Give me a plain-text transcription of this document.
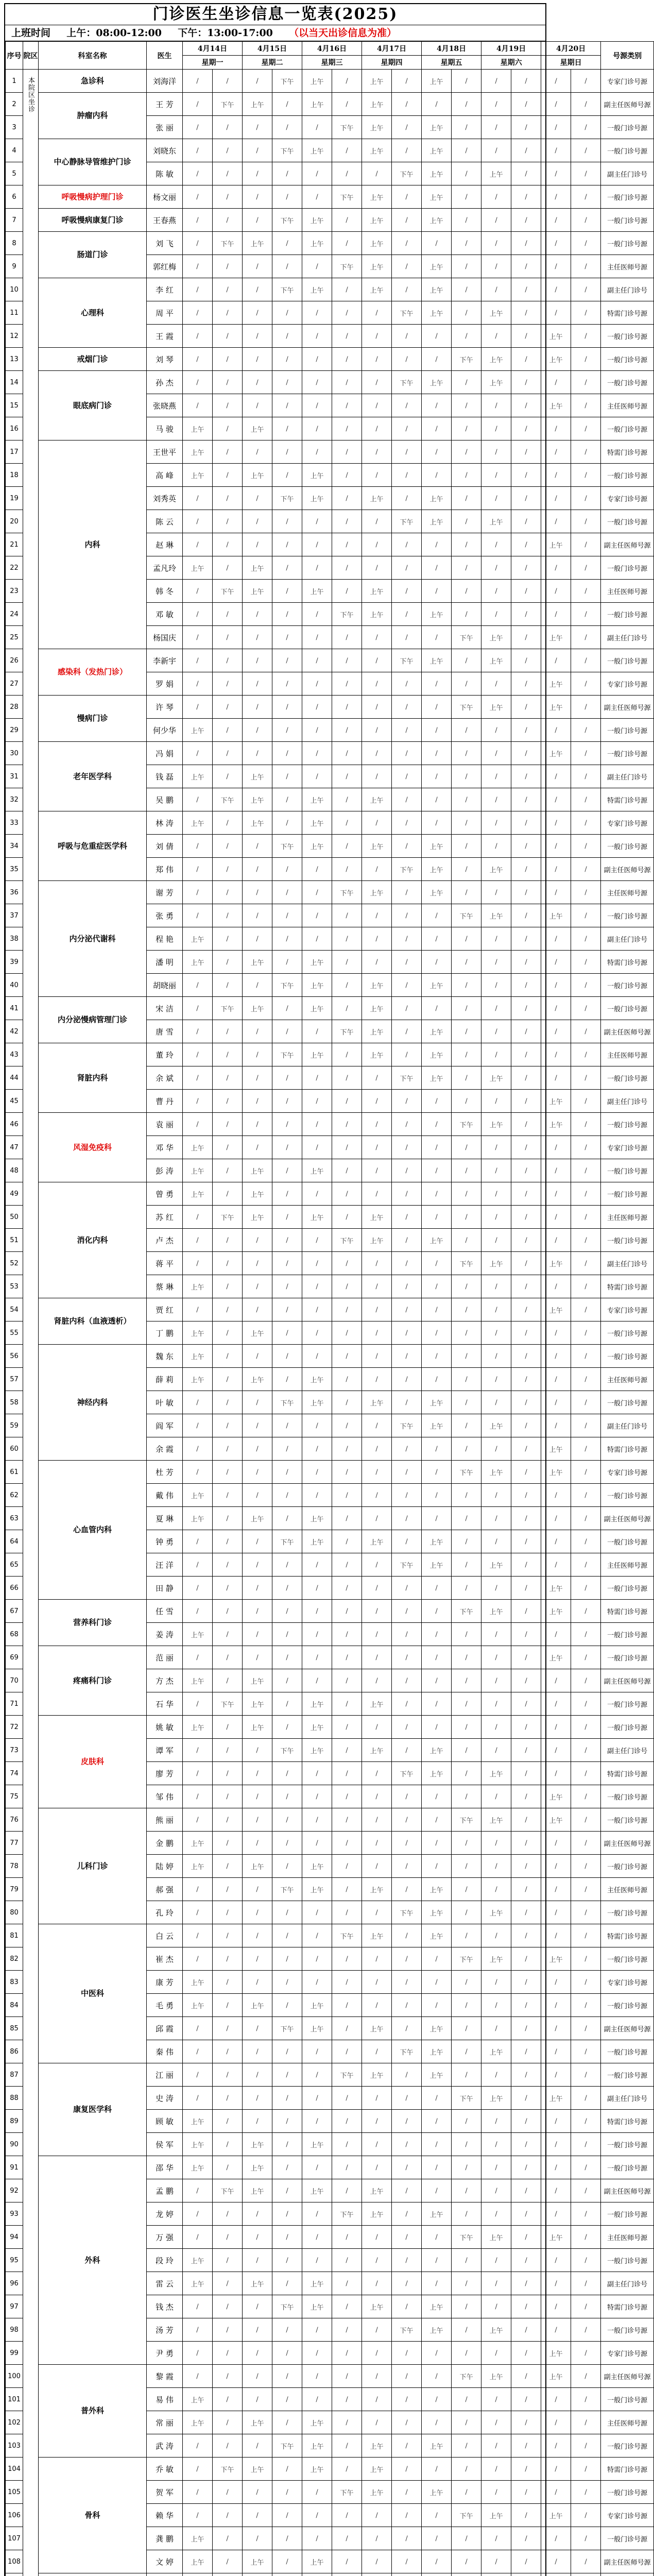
门诊医生坐诊信息一览表(2025)
上班时间 上午：08:00-12:00 下午：13:00-17:00 （以当天出诊信息为准）
序号	院区	科室名称	医生	4月14日		4月15日		4月16日		4月17日		4月18日		4月19日		4月20日		号源类别
				星期一		星期二		星期三		星期四		星期五		星期六		星期日		
1	本院区坐诊	急诊科	刘海洋	/	/	/	下午	上午	/	上午	/	上午	/	/	/	/	/	专家门诊号源
2		肿瘤内科	王 芳	/	下午	上午	/	上午	/	上午	/	/	/	/	/	/	/	副主任医师号源
3			张 丽	/	/	/	/	/	下午	上午	/	上午	/	/	/	/	/	一般门诊号源
4		中心静脉导管维护门诊	刘晓东	/	/	/	下午	上午	/	上午	/	上午	/	/	/	/	/	一般门诊号源
5			陈 敏	/	/	/	/	/	/	/	下午	上午	/	上午	/	/	/	副主任门诊号
6		呼吸慢病护理门诊	杨文丽	/	/	/	/	/	下午	上午	/	上午	/	/	/	/	/	一般门诊号源
7		呼吸慢病康复门诊	王春燕	/	/	/	下午	上午	/	上午	/	上午	/	/	/	/	/	一般门诊号源
8		肠道门诊	刘 飞	/	下午	上午	/	上午	/	上午	/	/	/	/	/	/	/	一般门诊号源
9			郭红梅	/	/	/	/	/	下午	上午	/	上午	/	/	/	/	/	主任医师号源
10		心理科	李 红	/	/	/	下午	上午	/	上午	/	上午	/	/	/	/	/	副主任门诊号
11			周 平	/	/	/	/	/	/	/	下午	上午	/	上午	/	/	/	特需门诊号源
12			王 霞	/	/	/	/	/	/	/	/	/	/	/	/	上午	/	一般门诊号源
13		戒烟门诊	刘 琴	/	/	/	/	/	/	/	/	/	下午	上午	/	上午	/	一般门诊号源
14		眼底病门诊	孙 杰	/	/	/	/	/	/	/	下午	上午	/	上午	/	/	/	一般门诊号源
15			张晓燕	/	/	/	/	/	/	/	/	/	/	/	/	上午	/	主任医师号源
16			马 骏	上午	/	上午	/	/	/	/	/	/	/	/	/	/	/	一般门诊号源
17		内科	王世平	上午	/	/	/	/	/	/	/	/	/	/	/	/	/	特需门诊号源
18			高 峰	上午	/	上午	/	上午	/	/	/	/	/	/	/	/	/	一般门诊号源
19			刘秀英	/	/	/	下午	上午	/	上午	/	上午	/	/	/	/	/	专家门诊号源
20			陈 云	/	/	/	/	/	/	/	下午	上午	/	上午	/	/	/	一般门诊号源
21			赵 琳	/	/	/	/	/	/	/	/	/	/	/	/	上午	/	副主任医师号源
22			孟凡玲	上午	/	上午	/	/	/	/	/	/	/	/	/	/	/	一般门诊号源
23			韩 冬	/	下午	上午	/	上午	/	上午	/	/	/	/	/	/	/	主任医师号源
24			邓 敏	/	/	/	/	/	下午	上午	/	上午	/	/	/	/	/	一般门诊号源
25			杨国庆	/	/	/	/	/	/	/	/	/	下午	上午	/	上午	/	副主任门诊号
26		感染科（发热门诊）	李新宇	/	/	/	/	/	/	/	下午	上午	/	上午	/	/	/	一般门诊号源
27			罗 娟	/	/	/	/	/	/	/	/	/	/	/	/	上午	/	专家门诊号源
28		慢病门诊	许 琴	/	/	/	/	/	/	/	/	/	下午	上午	/	上午	/	副主任医师号源
29			何少华	上午	/	/	/	/	/	/	/	/	/	/	/	/	/	一般门诊号源
30		老年医学科	冯 娟	/	/	/	/	/	/	/	/	/	/	/	/	上午	/	一般门诊号源
31			钱 磊	上午	/	上午	/	/	/	/	/	/	/	/	/	/	/	副主任门诊号
32			吴 鹏	/	下午	上午	/	上午	/	上午	/	/	/	/	/	/	/	特需门诊号源
33		呼吸与危重症医学科	林 涛	上午	/	上午	/	上午	/	/	/	/	/	/	/	/	/	专家门诊号源
34			刘 倩	/	/	/	下午	上午	/	上午	/	上午	/	/	/	/	/	一般门诊号源
35			郑 伟	/	/	/	/	/	/	/	下午	上午	/	上午	/	/	/	副主任医师号源
36		内分泌代谢科	谢 芳	/	/	/	/	/	下午	上午	/	上午	/	/	/	/	/	主任医师号源
37			张 勇	/	/	/	/	/	/	/	/	/	下午	上午	/	上午	/	一般门诊号源
38			程 艳	上午	/	/	/	/	/	/	/	/	/	/	/	/	/	副主任门诊号
39			潘 明	上午	/	上午	/	上午	/	/	/	/	/	/	/	/	/	特需门诊号源
40			胡晓丽	/	/	/	下午	上午	/	上午	/	上午	/	/	/	/	/	一般门诊号源
41		内分泌慢病管理门诊	宋 洁	/	下午	上午	/	上午	/	上午	/	/	/	/	/	/	/	一般门诊号源
42			唐 雪	/	/	/	/	/	下午	上午	/	上午	/	/	/	/	/	副主任医师号源
43		肾脏内科	董 玲	/	/	/	下午	上午	/	上午	/	上午	/	/	/	/	/	主任医师号源
44			余 斌	/	/	/	/	/	/	/	下午	上午	/	上午	/	/	/	一般门诊号源
45			曹 丹	/	/	/	/	/	/	/	/	/	/	/	/	上午	/	副主任门诊号
46		风湿免疫科	袁 丽	/	/	/	/	/	/	/	/	/	下午	上午	/	上午	/	一般门诊号源
47			邓 华	上午	/	/	/	/	/	/	/	/	/	/	/	/	/	专家门诊号源
48			彭 涛	上午	/	上午	/	上午	/	/	/	/	/	/	/	/	/	一般门诊号源
49		消化内科	曾 勇	上午	/	上午	/	/	/	/	/	/	/	/	/	/	/	一般门诊号源
50			苏 红	/	下午	上午	/	上午	/	上午	/	/	/	/	/	/	/	主任医师号源
51			卢 杰	/	/	/	/	/	下午	上午	/	上午	/	/	/	/	/	一般门诊号源
52			蒋 平	/	/	/	/	/	/	/	/	/	下午	上午	/	上午	/	副主任门诊号
53			蔡 琳	上午	/	/	/	/	/	/	/	/	/	/	/	/	/	特需门诊号源
54		肾脏内科（血液透析）	贾 红	/	/	/	/	/	/	/	/	/	/	/	/	上午	/	专家门诊号源
55			丁 鹏	上午	/	上午	/	/	/	/	/	/	/	/	/	/	/	一般门诊号源
56		神经内科	魏 东	上午	/	/	/	/	/	/	/	/	/	/	/	/	/	一般门诊号源
57			薛 莉	上午	/	上午	/	上午	/	/	/	/	/	/	/	/	/	主任医师号源
58			叶 敏	/	/	/	下午	上午	/	上午	/	上午	/	/	/	/	/	一般门诊号源
59			阎 军	/	/	/	/	/	/	/	下午	上午	/	上午	/	/	/	副主任门诊号
60			余 霞	/	/	/	/	/	/	/	/	/	/	/	/	上午	/	特需门诊号源
61		心血管内科	杜 芳	/	/	/	/	/	/	/	/	/	下午	上午	/	上午	/	专家门诊号源
62			戴 伟	上午	/	/	/	/	/	/	/	/	/	/	/	/	/	一般门诊号源
63			夏 琳	上午	/	上午	/	上午	/	/	/	/	/	/	/	/	/	副主任医师号源
64			钟 勇	/	/	/	下午	上午	/	上午	/	上午	/	/	/	/	/	一般门诊号源
65			汪 洋	/	/	/	/	/	/	/	下午	上午	/	上午	/	/	/	主任医师号源
66			田 静	/	/	/	/	/	/	/	/	/	/	/	/	上午	/	一般门诊号源
67		营养科门诊	任 雪	/	/	/	/	/	/	/	/	/	下午	上午	/	上午	/	特需门诊号源
68			姜 涛	上午	/	/	/	/	/	/	/	/	/	/	/	/	/	一般门诊号源
69		疼痛科门诊	范 丽	/	/	/	/	/	/	/	/	/	/	/	/	上午	/	一般门诊号源
70			方 杰	上午	/	上午	/	/	/	/	/	/	/	/	/	/	/	副主任医师号源
71			石 华	/	下午	上午	/	上午	/	上午	/	/	/	/	/	/	/	一般门诊号源
72		皮肤科	姚 敏	上午	/	上午	/	上午	/	/	/	/	/	/	/	/	/	一般门诊号源
73			谭 军	/	/	/	下午	上午	/	上午	/	上午	/	/	/	/	/	副主任门诊号
74			廖 芳	/	/	/	/	/	/	/	下午	上午	/	上午	/	/	/	特需门诊号源
75			邹 伟	/	/	/	/	/	/	/	/	/	/	/	/	上午	/	一般门诊号源
76		儿科门诊	熊 丽	/	/	/	/	/	/	/	/	/	下午	上午	/	上午	/	一般门诊号源
77			金 鹏	上午	/	/	/	/	/	/	/	/	/	/	/	/	/	副主任医师号源
78			陆 婷	上午	/	上午	/	上午	/	/	/	/	/	/	/	/	/	一般门诊号源
79			郝 强	/	/	/	下午	上午	/	上午	/	上午	/	/	/	/	/	主任医师号源
80			孔 玲	/	/	/	/	/	/	/	下午	上午	/	上午	/	/	/	一般门诊号源
81		中医科	白 云	/	/	/	/	/	下午	上午	/	上午	/	/	/	/	/	特需门诊号源
82			崔 杰	/	/	/	/	/	/	/	/	/	下午	上午	/	上午	/	一般门诊号源
83			康 芳	上午	/	/	/	/	/	/	/	/	/	/	/	/	/	专家门诊号源
84			毛 勇	上午	/	上午	/	上午	/	/	/	/	/	/	/	/	/	一般门诊号源
85			邱 霞	/	/	/	下午	上午	/	上午	/	上午	/	/	/	/	/	副主任医师号源
86			秦 伟	/	/	/	/	/	/	/	下午	上午	/	上午	/	/	/	一般门诊号源
87		康复医学科	江 丽	/	/	/	/	/	下午	上午	/	上午	/	/	/	/	/	一般门诊号源
88			史 涛	/	/	/	/	/	/	/	/	/	下午	上午	/	上午	/	副主任门诊号
89			顾 敏	上午	/	/	/	/	/	/	/	/	/	/	/	/	/	特需门诊号源
90			侯 军	上午	/	上午	/	上午	/	/	/	/	/	/	/	/	/	一般门诊号源
91		外科	邵 华	上午	/	上午	/	/	/	/	/	/	/	/	/	/	/	一般门诊号源
92			孟 鹏	/	下午	上午	/	上午	/	上午	/	/	/	/	/	/	/	副主任医师号源
93			龙 婷	/	/	/	/	/	下午	上午	/	上午	/	/	/	/	/	一般门诊号源
94			万 强	/	/	/	/	/	/	/	/	/	下午	上午	/	上午	/	主任医师号源
95			段 玲	上午	/	/	/	/	/	/	/	/	/	/	/	/	/	一般门诊号源
96			雷 云	上午	/	上午	/	上午	/	/	/	/	/	/	/	/	/	副主任门诊号
97			钱 杰	/	/	/	下午	上午	/	上午	/	上午	/	/	/	/	/	特需门诊号源
98			汤 芳	/	/	/	/	/	/	/	下午	上午	/	上午	/	/	/	一般门诊号源
99			尹 勇	/	/	/	/	/	/	/	/	/	/	/	/	上午	/	专家门诊号源
100		普外科	黎 霞	/	/	/	/	/	/	/	/	/	下午	上午	/	上午	/	副主任医师号源
101			易 伟	上午	/	/	/	/	/	/	/	/	/	/	/	/	/	一般门诊号源
102			常 丽	上午	/	上午	/	上午	/	/	/	/	/	/	/	/	/	主任医师号源
103			武 涛	/	/	/	下午	上午	/	上午	/	上午	/	/	/	/	/	一般门诊号源
104		骨科	乔 敏	/	下午	上午	/	上午	/	上午	/	/	/	/	/	/	/	特需门诊号源
105			贺 军	/	/	/	/	/	下午	上午	/	上午	/	/	/	/	/	一般门诊号源
106			赖 华	/	/	/	/	/	/	/	/	/	下午	上午	/	上午	/	专家门诊号源
107			龚 鹏	上午	/	/	/	/	/	/	/	/	/	/	/	/	/	一般门诊号源
108			文 婷	上午	/	上午	/	上午	/	/	/	/	/	/	/	/	/	副主任医师号源
